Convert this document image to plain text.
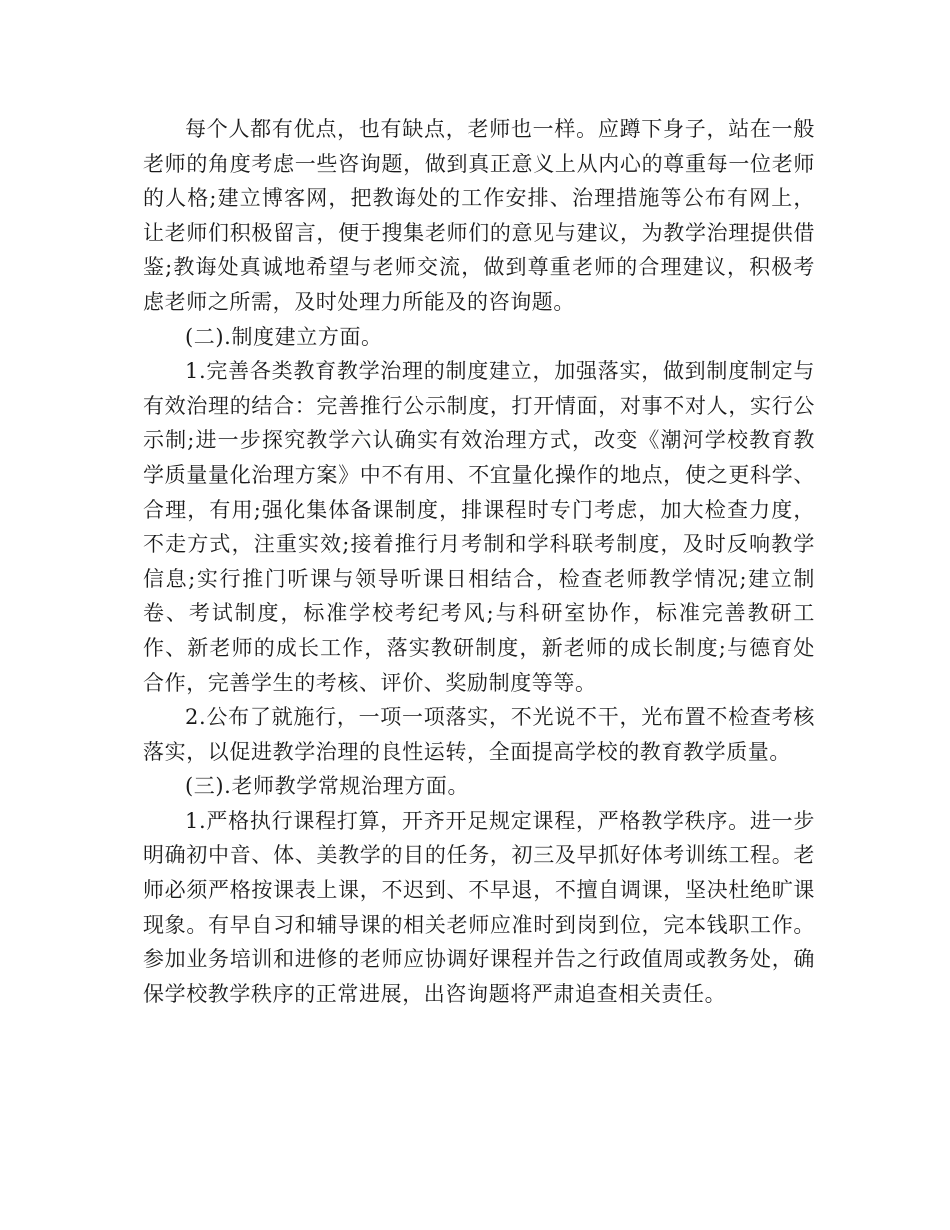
每个人都有优点，也有缺点，老师也一样。应蹲下身子，站在一般老师的角度考虑一些咨询题，做到真正意义上从内心的尊重每一位老师的人格;建立博客网，把教诲处的工作安排、治理措施等公布有网上，让老师们积极留言，便于搜集老师们的意见与建议，为教学治理提供借鉴;教诲处真诚地希望与老师交流，做到尊重老师的合理建议，积极考虑老师之所需，及时处理力所能及的咨询题。

(二).制度建立方面。

1.完善各类教育教学治理的制度建立，加强落实，做到制度制定与有效治理的结合：完善推行公示制度，打开情面，对事不对人，实行公示制;进一步探究教学六认确实有效治理方式，改变《潮河学校教育教学质量量化治理方案》中不有用、不宜量化操作的地点，使之更科学、合理，有用;强化集体备课制度，排课程时专门考虑，加大检查力度，不走方式，注重实效;接着推行月考制和学科联考制度，及时反响教学信息;实行推门听课与领导听课日相结合，检查老师教学情况;建立制卷、考试制度，标准学校考纪考风;与科研室协作，标准完善教研工作、新老师的成长工作，落实教研制度，新老师的成长制度;与德育处合作，完善学生的考核、评价、奖励制度等等。

2.公布了就施行，一项一项落实，不光说不干，光布置不检查考核落实，以促进教学治理的良性运转，全面提高学校的教育教学质量。

(三).老师教学常规治理方面。

1.严格执行课程打算，开齐开足规定课程，严格教学秩序。进一步明确初中音、体、美教学的目的任务，初三及早抓好体考训练工程。老师必须严格按课表上课，不迟到、不早退，不擅自调课，坚决杜绝旷课现象。有早自习和辅导课的相关老师应准时到岗到位，完本钱职工作。参加业务培训和进修的老师应协调好课程并告之行政值周或教务处，确保学校教学秩序的正常进展，出咨询题将严肃追查相关责任。
